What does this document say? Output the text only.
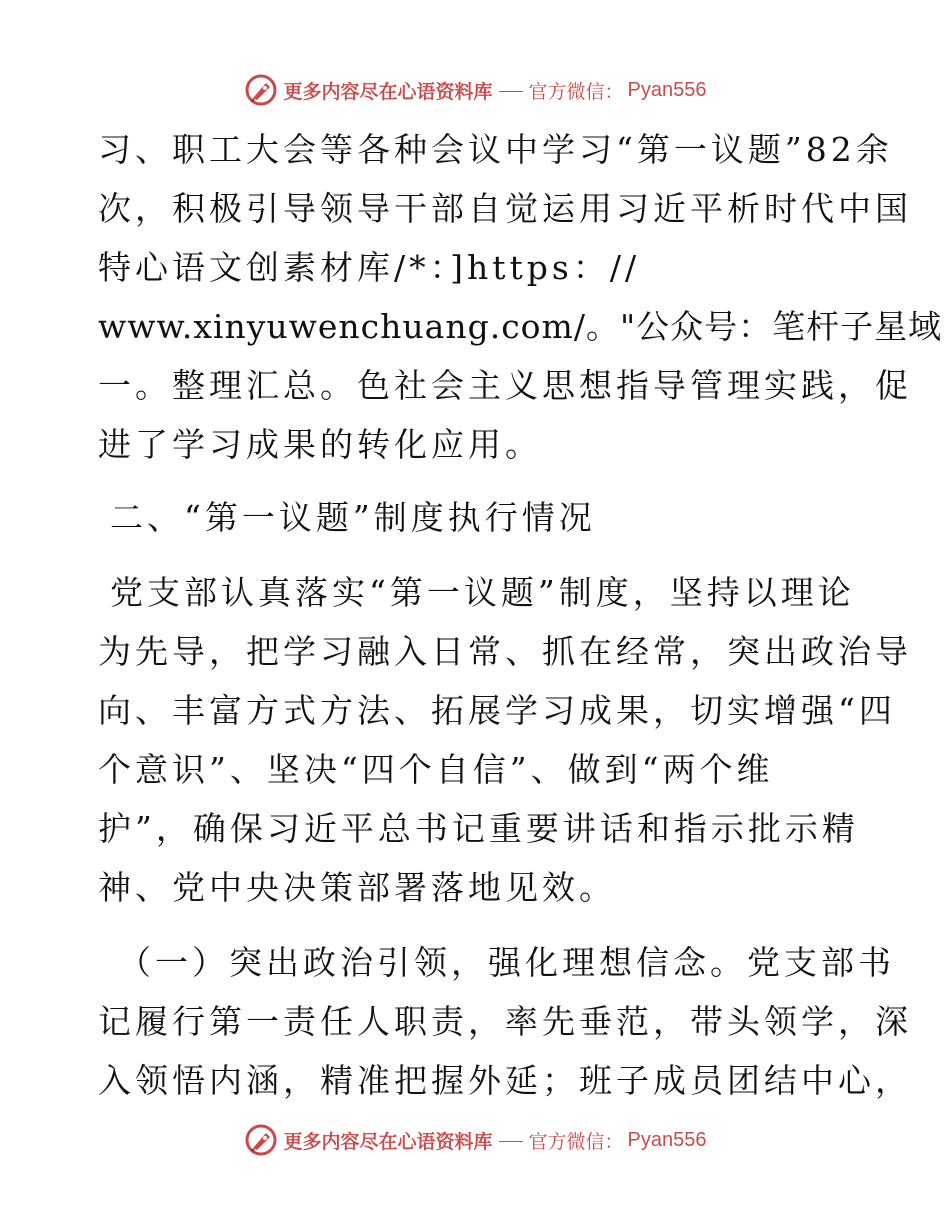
更多内容尽在心语资料库 官方微信： Pyan556
习、职工大会等各种会议中学习“第一议题”82余
次，积极引导领导干部自觉运用习近平析时代中国
特心语文创素材库/*：]https：//
www.xinyuwenchuang.com/。"公众号：笔杆子星域
一。整理汇总。色社会主义思想指导管理实践，促
进了学习成果的转化应用。
二、“第一议题”制度执行情况
党支部认真落实“第一议题”制度，坚持以理论
为先导，把学习融入日常、抓在经常，突出政治导
向、丰富方式方法、拓展学习成果，切实增强“四
个意识”、坚决“四个自信”、做到“两个维
护”，确保习近平总书记重要讲话和指示批示精
神、党中央决策部署落地见效。
（一）突出政治引领，强化理想信念。党支部书
记履行第一责任人职责，率先垂范，带头领学，深
入领悟内涵，精准把握外延；班子成员团结中心，
更多内容尽在心语资料库 官方微信： Pyan556
